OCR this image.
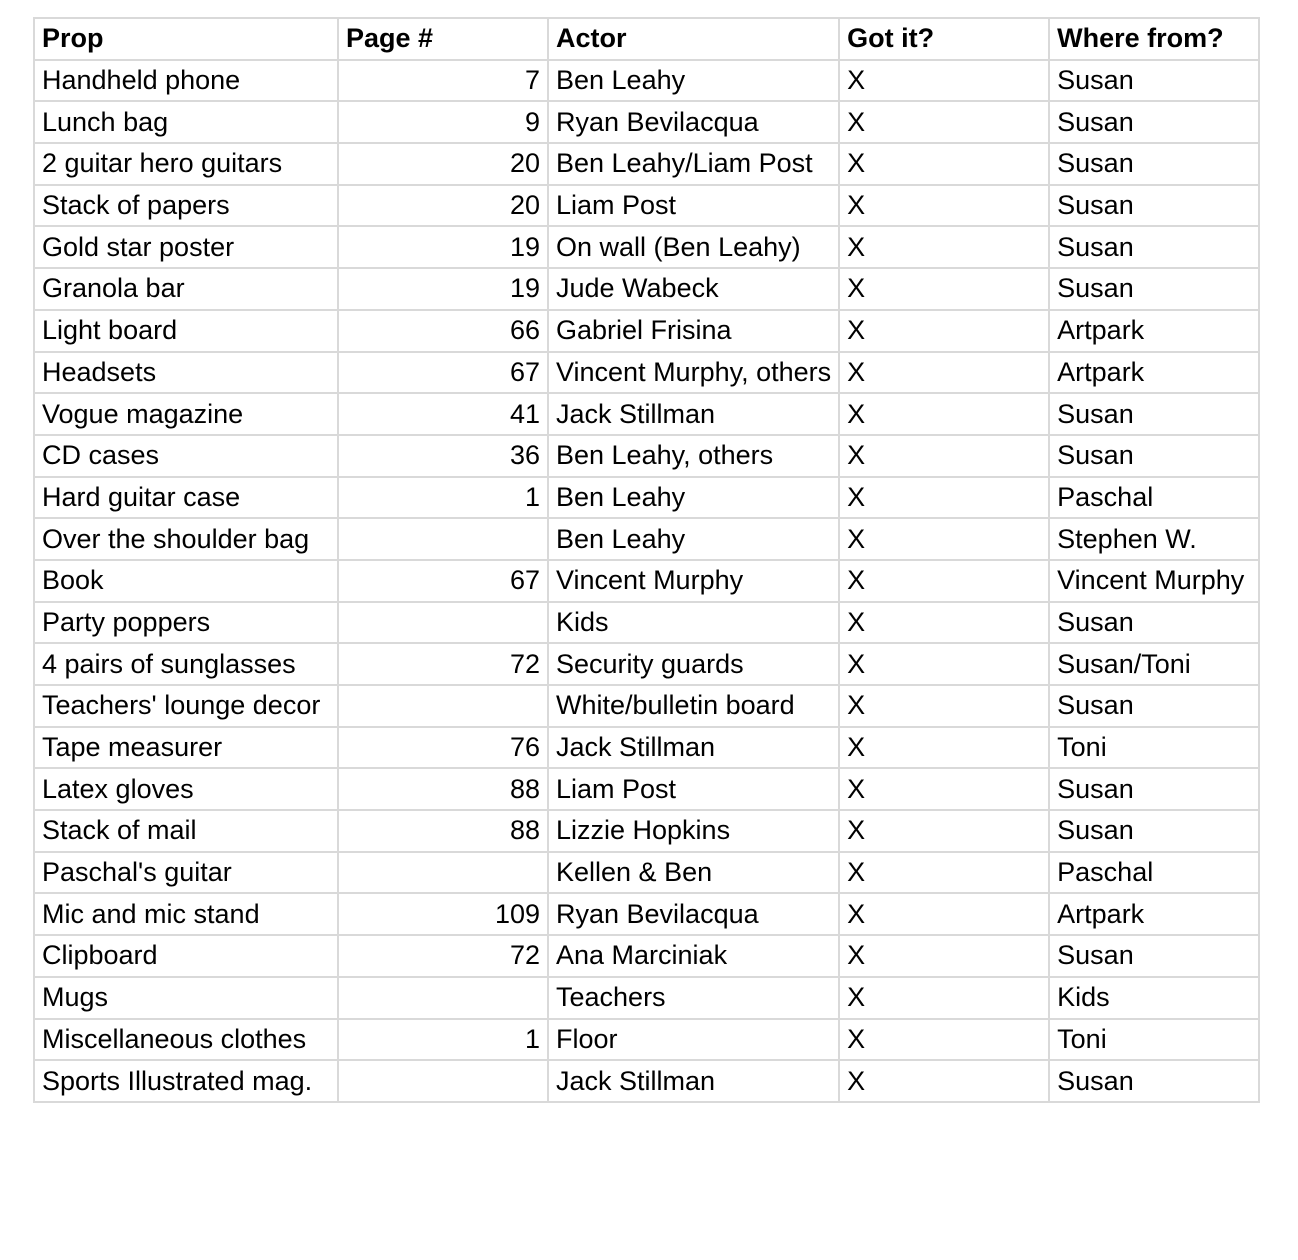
Prop	Page #	Actor	Got it?	Where from?
Handheld phone	7	Ben Leahy	X	Susan
Lunch bag	9	Ryan Bevilacqua	X	Susan
2 guitar hero guitars	20	Ben Leahy/Liam Post	X	Susan
Stack of papers	20	Liam Post	X	Susan
Gold star poster	19	On wall (Ben Leahy)	X	Susan
Granola bar	19	Jude Wabeck	X	Susan
Light board	66	Gabriel Frisina	X	Artpark
Headsets	67	Vincent Murphy, others	X	Artpark
Vogue magazine	41	Jack Stillman	X	Susan
CD cases	36	Ben Leahy, others	X	Susan
Hard guitar case	1	Ben Leahy	X	Paschal
Over the shoulder bag		Ben Leahy	X	Stephen W.
Book	67	Vincent Murphy	X	Vincent Murphy
Party poppers		Kids	X	Susan
4 pairs of sunglasses	72	Security guards	X	Susan/Toni
Teachers' lounge decor		White/bulletin board	X	Susan
Tape measurer	76	Jack Stillman	X	Toni
Latex gloves	88	Liam Post	X	Susan
Stack of mail	88	Lizzie Hopkins	X	Susan
Paschal's guitar		Kellen & Ben	X	Paschal
Mic and mic stand	109	Ryan Bevilacqua	X	Artpark
Clipboard	72	Ana Marciniak	X	Susan
Mugs		Teachers	X	Kids
Miscellaneous clothes	1	Floor	X	Toni
Sports Illustrated mag.		Jack Stillman	X	Susan
